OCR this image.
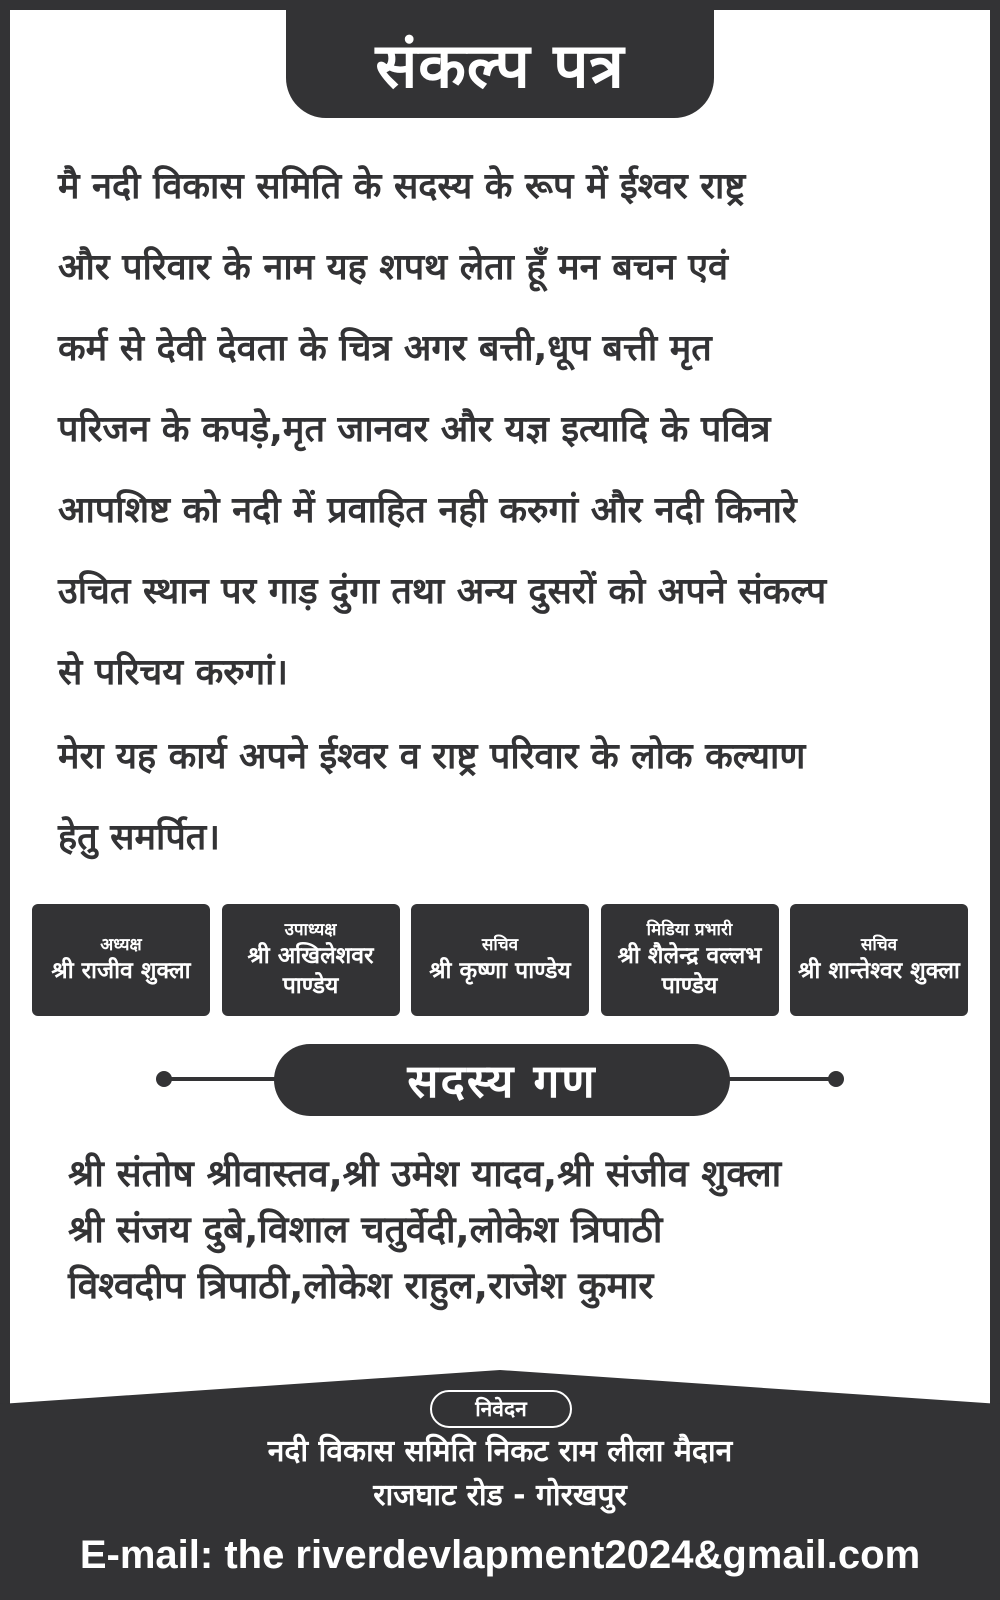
संकल्प पत्र

मै नदी विकास समिति के सदस्य के रूप में ईश्वर राष्ट्र

और परिवार के नाम यह शपथ लेता हूँ मन बचन एवं

कर्म से देवी देवता के चित्र अगर बत्ती,धूप बत्ती मृत

परिजन के कपड़े,मृत जानवर और यज्ञ इत्यादि के पवित्र

आपशिष्ट को नदी में प्रवाहित नही करुगां और नदी किनारे

उचित स्थान पर गाड़ दुंगा तथा अन्य दुसरों को अपने संकल्प

से परिचय करुगां।

मेरा यह कार्य अपने ईश्वर व राष्ट्र परिवार के लोक कल्याण

हेतु समर्पित।

अध्यक्ष
श्री राजीव शुक्ला
उपाध्यक्ष
श्री अखिलेशवर पाण्डेय
सचिव
श्री कृष्णा पाण्डेय
मिडिया प्रभारी
श्री शैलेन्द्र वल्लभ पाण्डेय
सचिव
श्री शान्तेश्वर शुक्ला
सदस्य गण

श्री संतोष श्रीवास्तव,श्री उमेश यादव,श्री संजीव शुक्ला

श्री संजय दुबे,विशाल चतुर्वेदी,लोकेश त्रिपाठी

विश्वदीप त्रिपाठी,लोकेश राहुल,राजेश कुमार

निवेदन
नदी विकास समिति निकट राम लीला मैदान
राजघाट रोड - गोरखपुर
E-mail: the riverdevlapment2024&gmail.com
